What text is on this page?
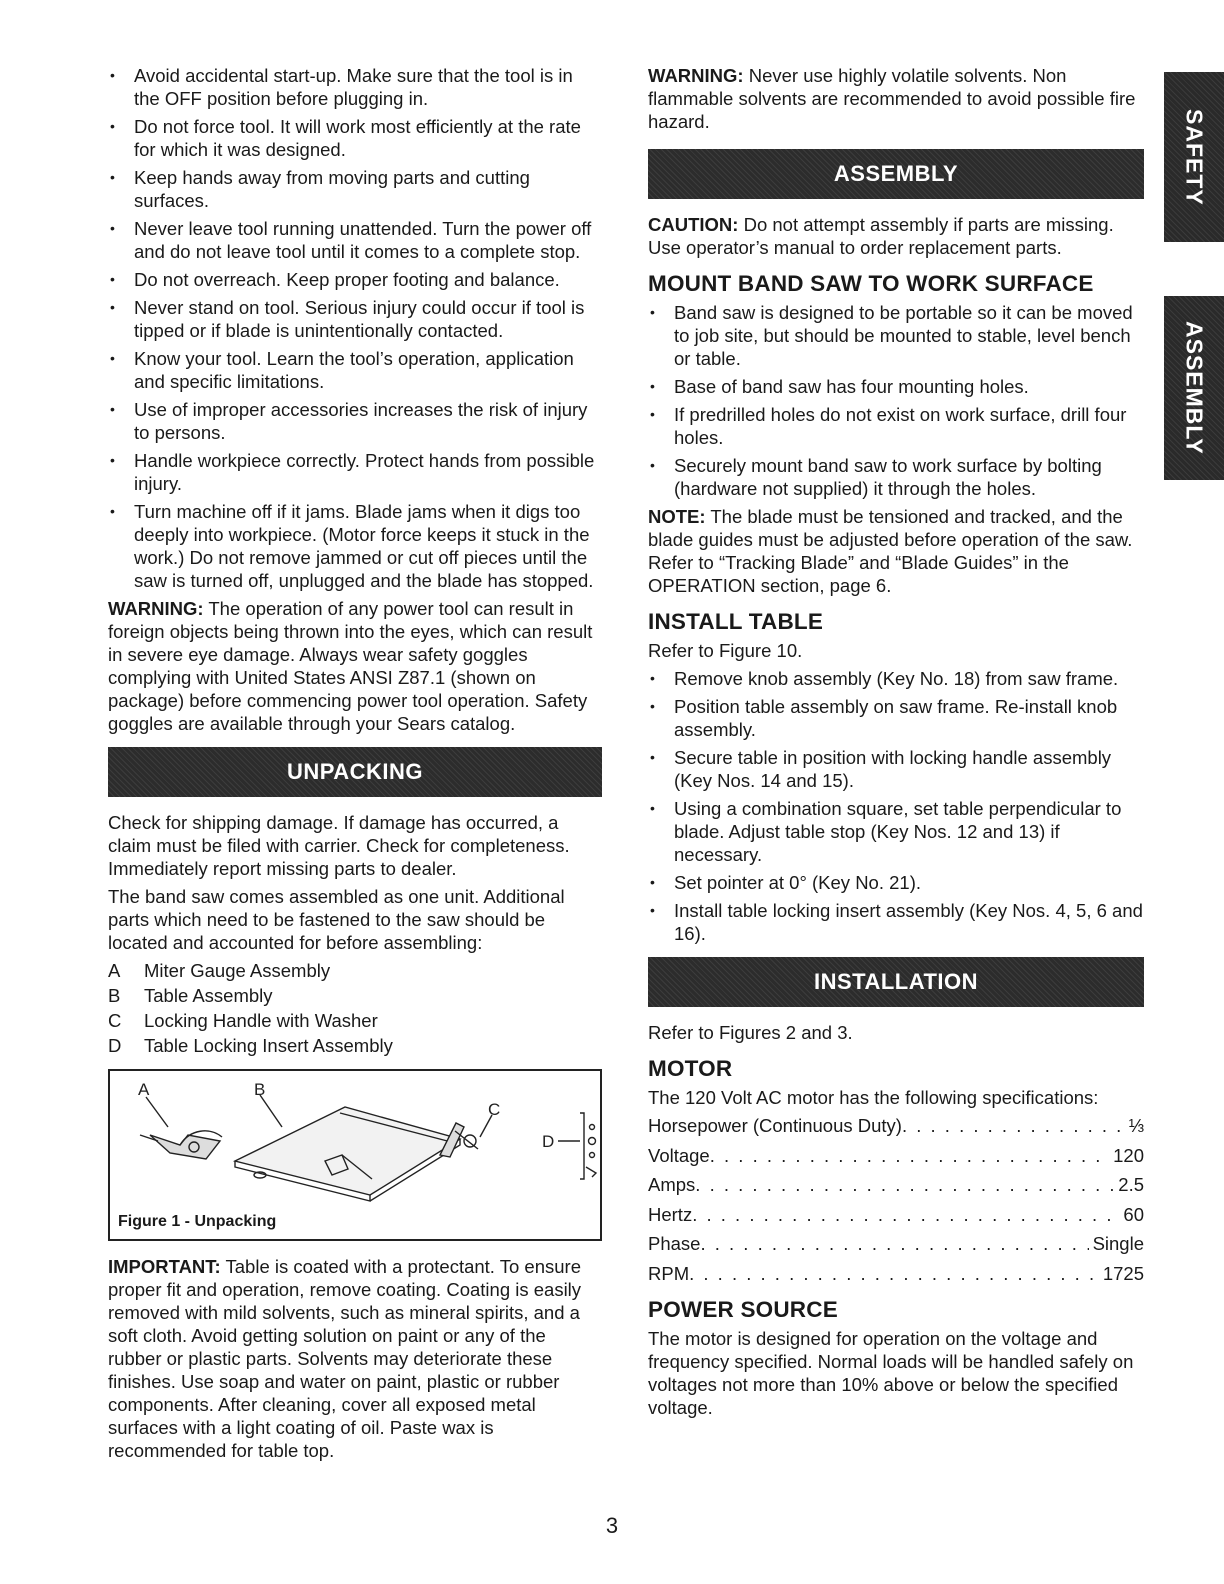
SAFETY
ASSEMBLY
• Avoid accidental start-up. Make sure that the tool is in the OFF position before plugging in.
• Do not force tool. It will work most efficiently at the rate for which it was designed.
• Keep hands away from moving parts and cutting surfaces.
• Never leave tool running unattended. Turn the power off and do not leave tool until it comes to a complete stop.
• Do not overreach. Keep proper footing and balance.
• Never stand on tool. Serious injury could occur if tool is tipped or if blade is unintentionally contacted.
• Know your tool. Learn the tool’s operation, application and specific limitations.
• Use of improper accessories increases the risk of injury to persons.
• Handle workpiece correctly. Protect hands from possible injury.
• Turn machine off if it jams. Blade jams when it digs too deeply into workpiece. (Motor force keeps it stuck in the work.) Do not remove jammed or cut off pieces until the saw is turned off, unplugged and the blade has stopped.

WARNING: The operation of any power tool can result in foreign objects being thrown into the eyes, which can result in severe eye damage. Always wear safety goggles complying with United States ANSI Z87.1 (shown on package) before commencing power tool operation. Safety goggles are available through your Sears catalog.

UNPACKING

Check for shipping damage. If damage has occurred, a claim must be filed with carrier. Check for completeness. Immediately report missing parts to dealer.

The band saw comes assembled as one unit. Additional parts which need to be fastened to the saw should be located and accounted for before assembling:

A Miter Gauge Assembly
B Table Assembly
C Locking Handle with Washer
D Table Locking Insert Assembly
A	B
C
D
Figure 1 - Unpacking

IMPORTANT: Table is coated with a protectant. To ensure proper fit and operation, remove coating. Coating is easily removed with mild solvents, such as mineral spirits, and a soft cloth. Avoid getting solution on paint or any of the rubber or plastic parts. Solvents may deteriorate these finishes. Use soap and water on paint, plastic or rubber components. After cleaning, cover all exposed metal surfaces with a light coating of oil. Paste wax is recommended for table top.

WARNING: Never use highly volatile solvents. Non flammable solvents are recommended to avoid possible fire hazard.

ASSEMBLY

CAUTION: Do not attempt assembly if parts are missing. Use operator’s manual to order replacement parts.

MOUNT BAND SAW TO WORK SURFACE
• Band saw is designed to be portable so it can be moved to job site, but should be mounted to stable, level bench or table.
• Base of band saw has four mounting holes.
• If predrilled holes do not exist on work surface, drill four holes.
• Securely mount band saw to work surface by bolting (hardware not supplied) it through the holes.

NOTE: The blade must be tensioned and tracked, and the blade guides must be adjusted before operation of the saw. Refer to “Tracking Blade” and “Blade Guides” in the OPERATION section, page 6.

INSTALL TABLE

Refer to Figure 10.

• Remove knob assembly (Key No. 18) from saw frame.
• Position table assembly on saw frame. Re-install knob assembly.
• Secure table in position with locking handle assembly (Key Nos. 14 and 15).
• Using a combination square, set table perpendicular to blade. Adjust table stop (Key Nos. 12 and 13) if necessary.
• Set pointer at 0° (Key No. 21).
• Install table locking insert assembly (Key Nos. 4, 5, 6 and 16).
INSTALLATION

Refer to Figures 2 and 3.

MOTOR

The 120 Volt AC motor has the following specifications:

Horsepower (Continuous Duty) . . .	⅓
Voltage . . .	120
Amps . . .	2.5
Hertz . . .	60
Phase . . .	Single
RPM . . .	1725
POWER SOURCE

The motor is designed for operation on the voltage and frequency specified. Normal loads will be handled safely on voltages not more than 10% above or below the specified voltage.

3
